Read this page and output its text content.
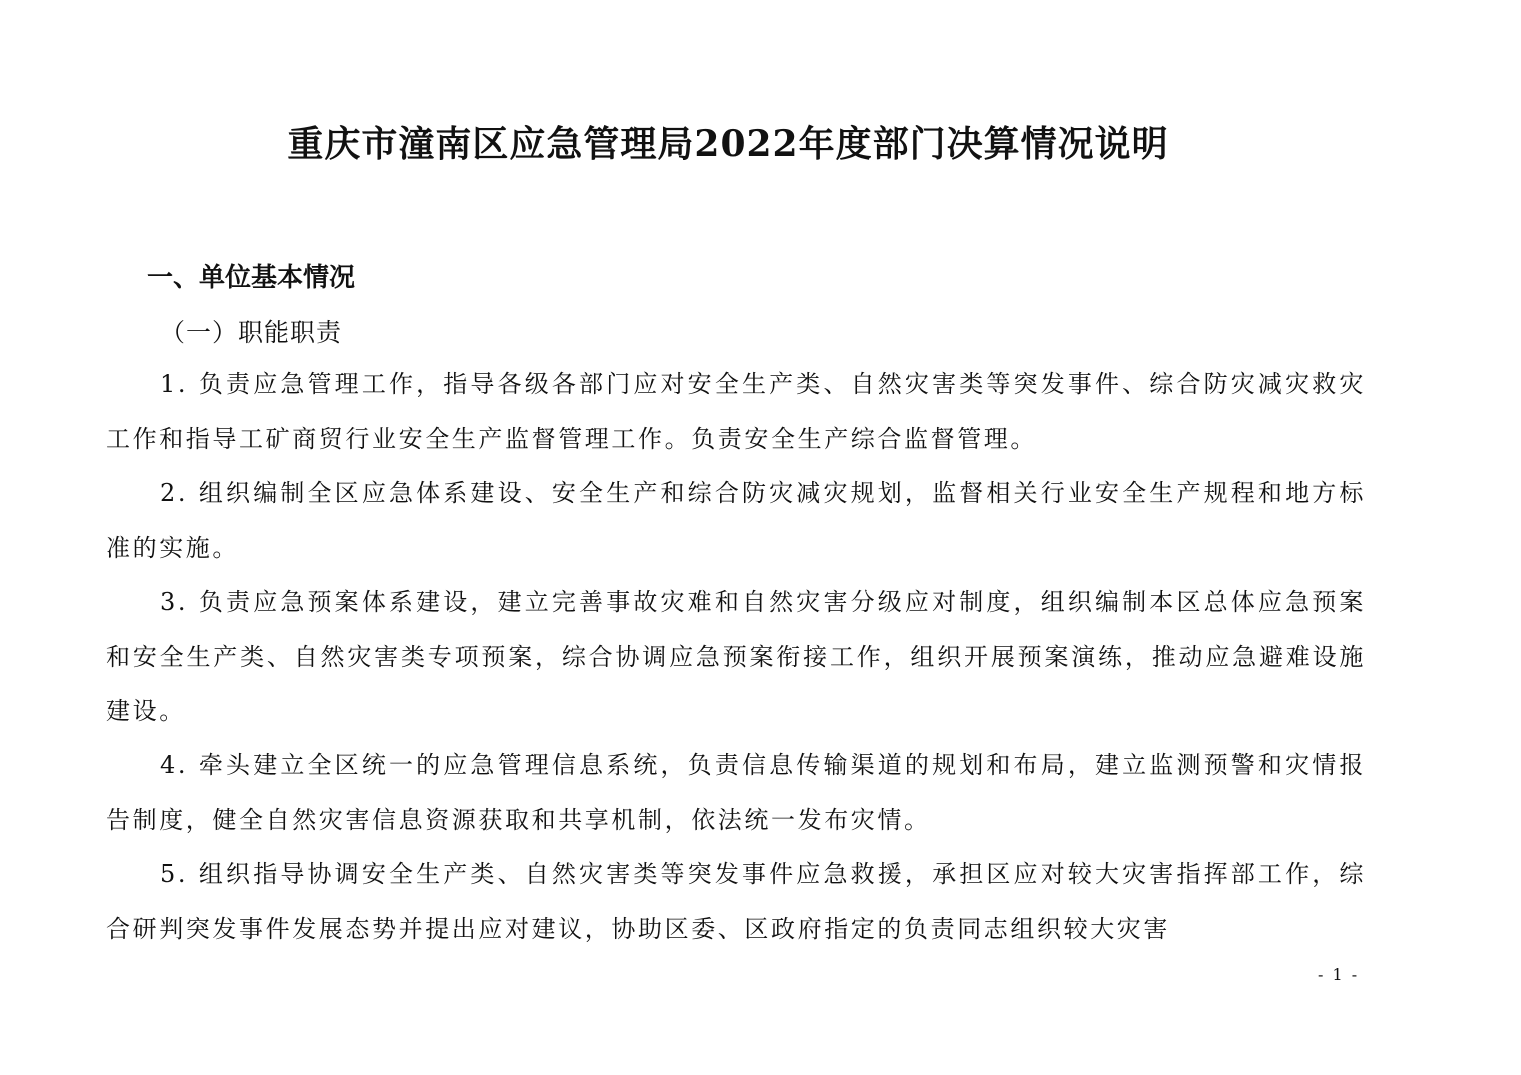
重庆市潼南区应急管理局2022年度部门决算情况说明
一、单位基本情况
（一）职能职责

1. 负责应急管理工作，指导各级各部门应对安全生产类、自然灾害类等突发事件、综合防灾减灾救灾工作和指导工矿商贸行业安全生产监督管理工作。负责安全生产综合监督管理。

2. 组织编制全区应急体系建设、安全生产和综合防灾减灾规划，监督相关行业安全生产规程和地方标准的实施。

3. 负责应急预案体系建设，建立完善事故灾难和自然灾害分级应对制度，组织编制本区总体应急预案和安全生产类、自然灾害类专项预案，综合协调应急预案衔接工作，组织开展预案演练，推动应急避难设施建设。

4. 牵头建立全区统一的应急管理信息系统，负责信息传输渠道的规划和布局，建立监测预警和灾情报告制度，健全自然灾害信息资源获取和共享机制，依法统一发布灾情。

5. 组织指导协调安全生产类、自然灾害类等突发事件应急救援，承担区应对较大灾害指挥部工作，综合研判突发事件发展态势并提出应对建议，协助区委、区政府指定的负责同志组织较大灾害

- 1 -
